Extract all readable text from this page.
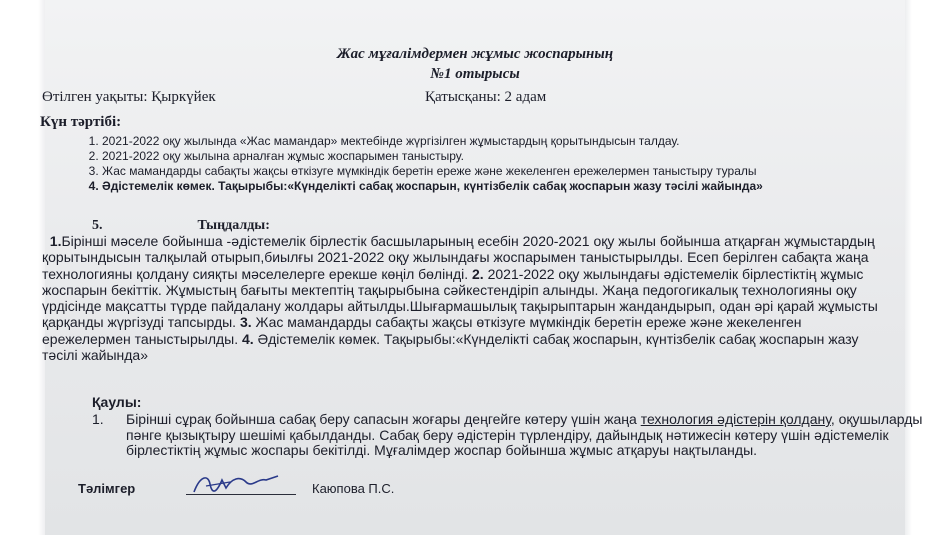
Жас мұғалімдермен жұмыс жоспарының
№1 отырысы
Өтілген уақыты: Қыркүйек	Қатысқаны: 2 адам
Күн тәртібі:
1. 2021-2022 оқу жылында «Жас мамандар» мектебінде жүргізілген жұмыстардың қорытындысын талдау.
2. 2021-2022 оқу жылына арналған жұмыс жоспарымен таныстыру.
3. Жас мамандарды сабақты жақсы өткізуге мүмкіндік беретін ереже және жекеленген ережелермен таныстыру туралы
4. Әдістемелік көмек. Тақырыбы:«Күнделікті сабақ жоспарын, күнтізбелік сабақ жоспарын жазу тәсілі жайында»
5.	Тыңдалды:
1.Бірінші мәселе бойынша -әдістемелік бірлестік басшыларының есебін 2020-2021 оқу жылы бойынша атқарған жұмыстардың қорытындысын талқылай отырып,биылғы 2021-2022 оқу жылындағы жоспарымен таныстырылды. Есеп берілген сабақта жаңа технологияны қолдану сияқты мәселелерге ерекше көңіл бөлінді. 2. 2021-2022 оқу жылындағы әдістемелік бірлестіктің жұмыс жоспарын бекіттік. Жұмыстың бағыты мектептің тақырыбына сәйкестендіріп алынды. Жаңа педогогикалық технологияны оқу үрдісінде мақсатты түрде пайдалану жолдары айтылды.Шығармашылық тақырыптарын жандандырып, одан әрі қарай жұмысты қарқанды жүргізуді тапсырды. 3. Жас мамандарды сабақты жақсы өткізуге мүмкіндік беретін ереже және жекеленген ережелермен таныстырылды. 4. Әдістемелік көмек. Тақырыбы:«Күнделікті сабақ жоспарын, күнтізбелік сабақ жоспарын жазу тәсілі жайында»
Қаулы:
1. Бірінші сұрақ бойынша сабақ беру сапасын жоғары деңгейге көтеру үшін жаңа технология әдістерін қолдану, оқушыларды пәнге қызықтыру шешімі қабылданды. Сабақ беру әдістерін түрлендіру, дайындық нәтижесін көтеру үшін әдістемелік бірлестіктің жұмыс жоспары бекітілді. Мұғалімдер жоспар бойынша жұмыс атқаруы нақтыланды.
Тәлімгер	Каюпова П.С.
